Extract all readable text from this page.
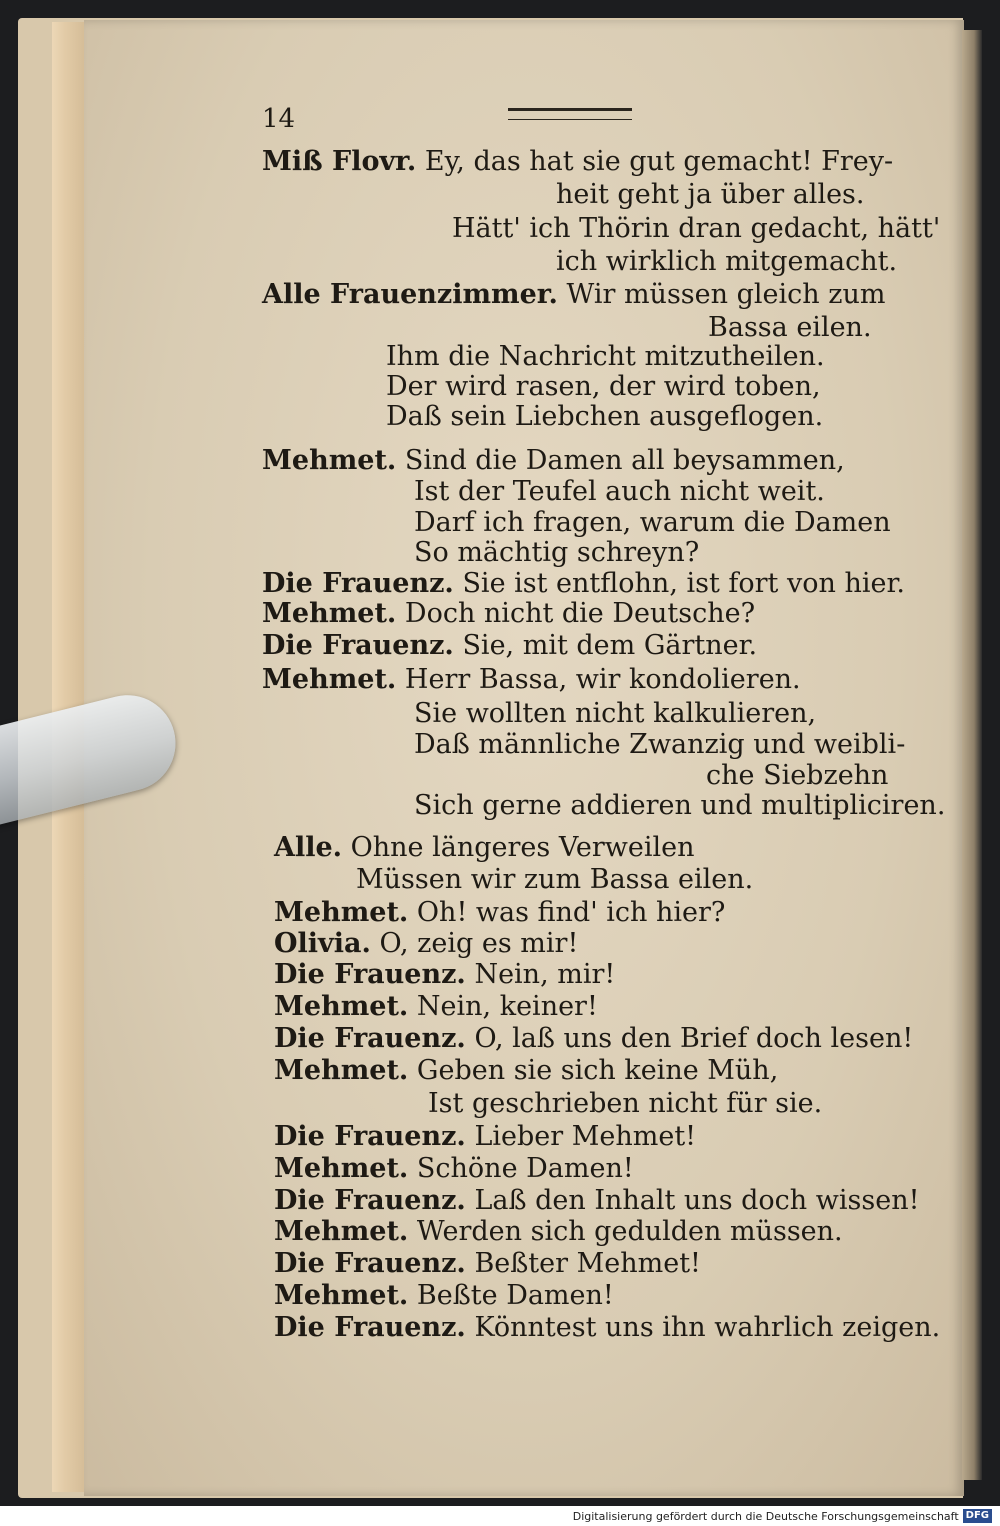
14
Miß Flovr. Ey, das hat sie gut gemacht! Frey-
heit geht ja über alles.
Hätt' ich Thörin dran gedacht, hätt'
ich wirklich mitgemacht.
Alle Frauenzimmer. Wir müssen gleich zum
Bassa eilen.
Ihm die Nachricht mitzutheilen.
Der wird rasen, der wird toben,
Daß sein Liebchen ausgeflogen.
Mehmet. Sind die Damen all beysammen,
Ist der Teufel auch nicht weit.
Darf ich fragen, warum die Damen
So mächtig schreyn?
Die Frauenz. Sie ist entflohn, ist fort von hier.
Mehmet. Doch nicht die Deutsche?
Die Frauenz. Sie, mit dem Gärtner.
Mehmet. Herr Bassa, wir kondolieren.
Sie wollten nicht kalkulieren,
Daß männliche Zwanzig und weibli-
che Siebzehn
Sich gerne addieren und multipliciren.
Alle. Ohne längeres Verweilen
Müssen wir zum Bassa eilen.
Mehmet. Oh! was find' ich hier?
Olivia. O, zeig es mir!
Die Frauenz. Nein, mir!
Mehmet. Nein, keiner!
Die Frauenz. O, laß uns den Brief doch lesen!
Mehmet. Geben sie sich keine Müh,
Ist geschrieben nicht für sie.
Die Frauenz. Lieber Mehmet!
Mehmet. Schöne Damen!
Die Frauenz. Laß den Inhalt uns doch wissen!
Mehmet. Werden sich gedulden müssen.
Die Frauenz. Beßter Mehmet!
Mehmet. Beßte Damen!
Die Frauenz. Könntest uns ihn wahrlich zeigen.
Digitalisierung gefördert durch die Deutsche Forschungsgemeinschaft DFG
